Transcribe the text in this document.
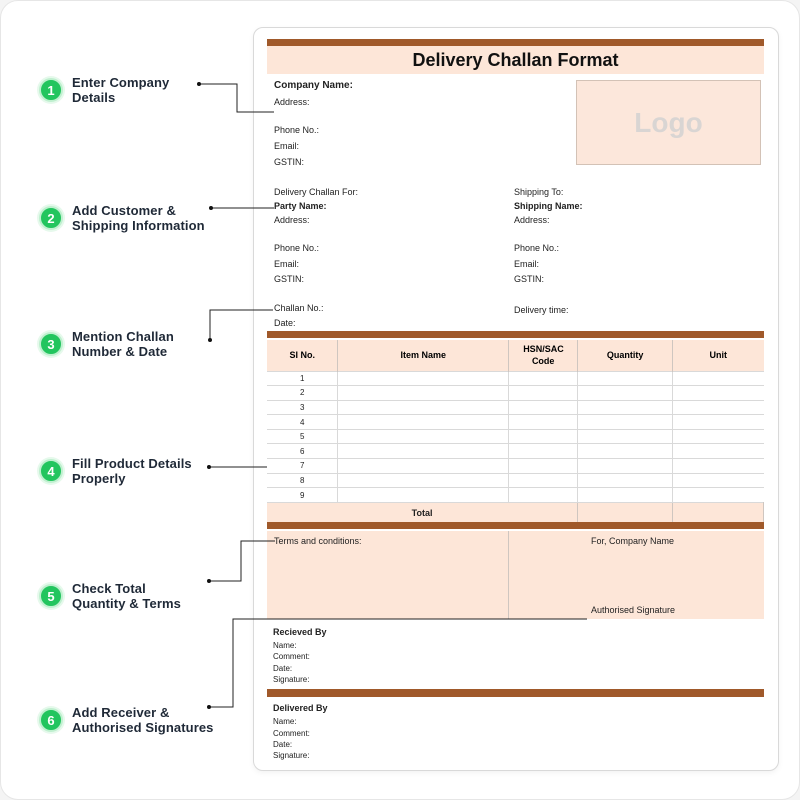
1	Enter Company
Details
2	Add Customer &
Shipping Information
3	Mention Challan
Number & Date
4	Fill Product Details
Properly
5	Check Total
Quantity & Terms
6	Add Receiver &
Authorised Signatures
Delivery Challan Format
Company Name:
Address:
Phone No.:
Email:
GSTIN:
Logo
Delivery Challan For:
Party Name:
Address:
Phone No.:
Email:
GSTIN:
Shipping To:
Shipping Name:
Address:
Phone No.:
Email:
GSTIN:
Challan No.:
Date:
Delivery time:
SI No.	Item Name	HSN/SAC Code	Quantity	Unit
1				
2				
3				
4				
5				
6				
7				
8				
9				
Total				
Terms and conditions:	For, Company Name
Authorised Signature
Recieved By
Name:
Comment:
Date:
Signature:
Delivered By
Name:
Comment:
Date:
Signature:
